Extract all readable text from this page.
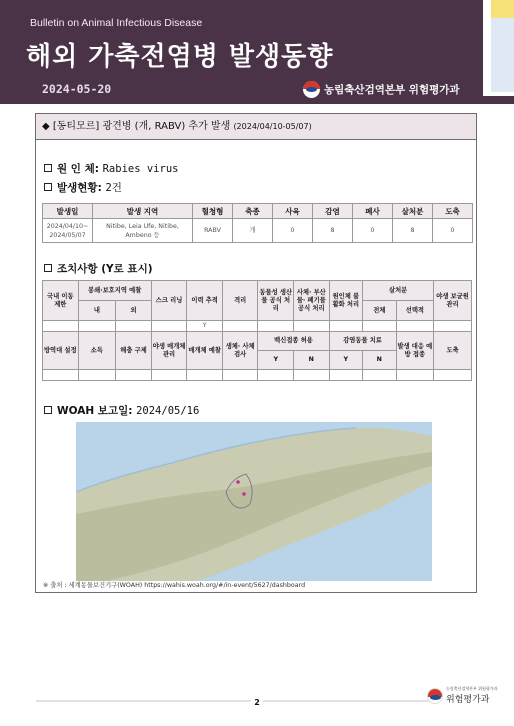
Bulletin on Animal Infectious Disease
해외 가축전염병 발생동향
2024-05-20	농림축산검역본부 위험평가과
◆ [동티모르] 광견병 (개, RABV) 추가 발생 (2024/04/10-05/07)
원 인 체: Rabies virus
발생현황: 2건
발생일	발생 지역	혈청형	축종	사육	감염	폐사	살처분	도축
2024/04/10~ 2024/05/07	Nitibe, Leia Ufe, Nitibe, Ambeno 등	RABV	개	0	8	0	8	0
조치사항 (Y로 표시)
국내 이동 제한	봉쇄·보호지역 예찰		스크 리닝	이력 추적	격리	동물성 생산물 공식 처리	사체· 부산물· 폐기물 공식 처리	원인체 불활화 처리	살처분		야생 보균원 관리
	내	외							전체	선택적	
				Y							
방역대 설정	소독	해충 구제	야생 매개체 관리	매개체 예찰	생체· 사체 검사	백신접종 허용		감염동물 치료		발생 대응 예방 접종	도축
						Y	N	Y	N		

WOAH 보고일: 2024/05/16
※ 출처 : 세계동물보건기구(WOAH) https://wahis.woah.org/#/in-event/5627/dashboard
2
농림축산검역본부 위험평가과
위험평가과
